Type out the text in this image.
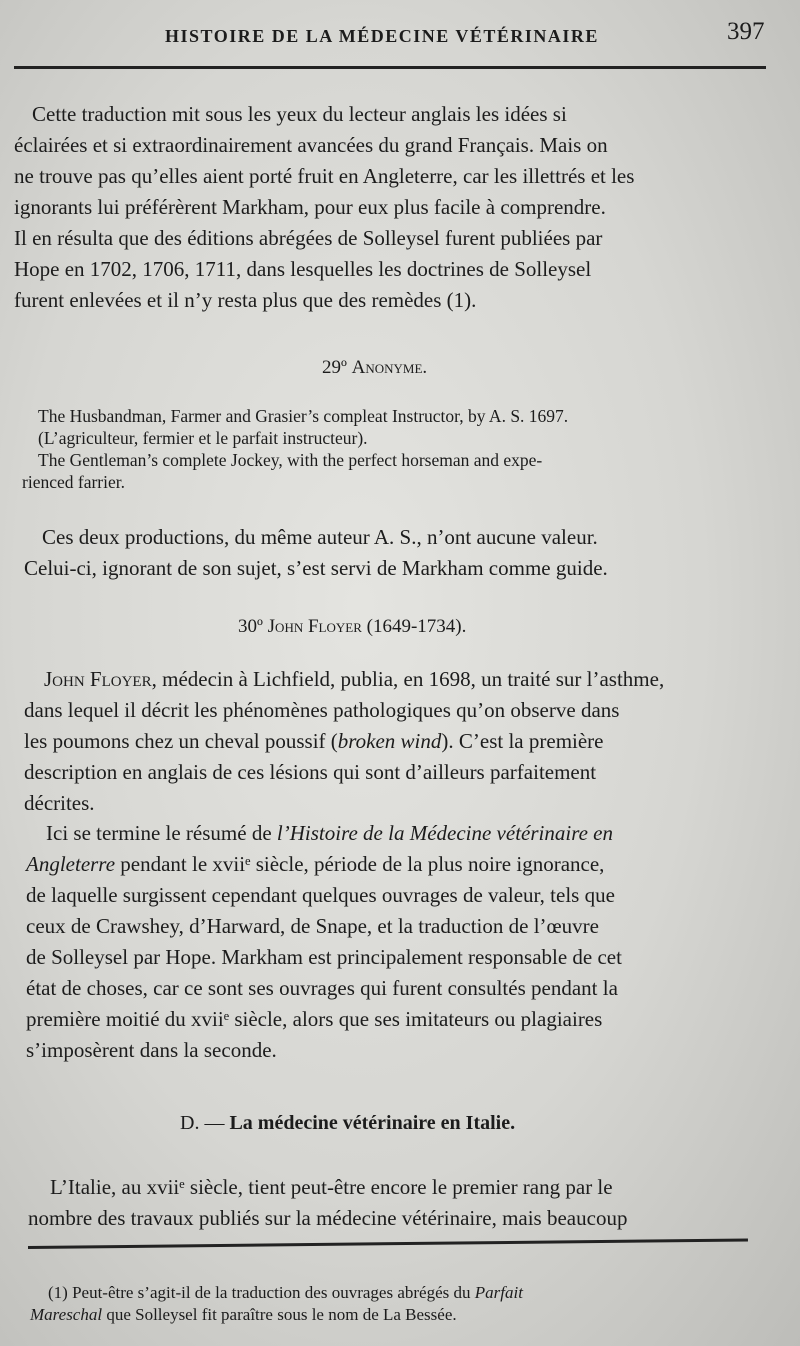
HISTOIRE DE LA MÉDECINE VÉTÉRINAIRE	397
Cette traduction mit sous les yeux du lecteur anglais les idées si
éclairées et si extraordinairement avancées du grand Français. Mais on
ne trouve pas qu’elles aient porté fruit en Angleterre, car les illettrés et les
ignorants lui préférèrent Markham, pour eux plus facile à comprendre.
Il en résulta que des éditions abrégées de Solleysel furent publiées par
Hope en 1702, 1706, 1711, dans lesquelles les doctrines de Solleysel
furent enlevées et il n’y resta plus que des remèdes (1).
29º Anonyme.
The Husbandman, Farmer and Grasier’s compleat Instructor, by A. S. 1697.
(L’agriculteur, fermier et le parfait instructeur).
The Gentleman’s complete Jockey, with the perfect horseman and expe-
rienced farrier.
Ces deux productions, du même auteur A. S., n’ont aucune valeur.
Celui-ci, ignorant de son sujet, s’est servi de Markham comme guide.
30º John Floyer (1649-1734).
John Floyer, médecin à Lichfield, publia, en 1698, un traité sur l’asthme,
dans lequel il décrit les phénomènes pathologiques qu’on observe dans
les poumons chez un cheval poussif (broken wind). C’est la première
description en anglais de ces lésions qui sont d’ailleurs parfaitement
décrites.
Ici se termine le résumé de l’Histoire de la Médecine vétérinaire en
Angleterre pendant le xviiᵉ siècle, période de la plus noire ignorance,
de laquelle surgissent cependant quelques ouvrages de valeur, tels que
ceux de Crawshey, d’Harward, de Snape, et la traduction de l’œuvre
de Solleysel par Hope. Markham est principalement responsable de cet
état de choses, car ce sont ses ouvrages qui furent consultés pendant la
première moitié du xviiᵉ siècle, alors que ses imitateurs ou plagiaires
s’imposèrent dans la seconde.
D. — La médecine vétérinaire en Italie.
L’Italie, au xviiᵉ siècle, tient peut-être encore le premier rang par le
nombre des travaux publiés sur la médecine vétérinaire, mais beaucoup
(1) Peut-être s’agit-il de la traduction des ouvrages abrégés du Parfait
Mareschal que Solleysel fit paraître sous le nom de La Bessée.
